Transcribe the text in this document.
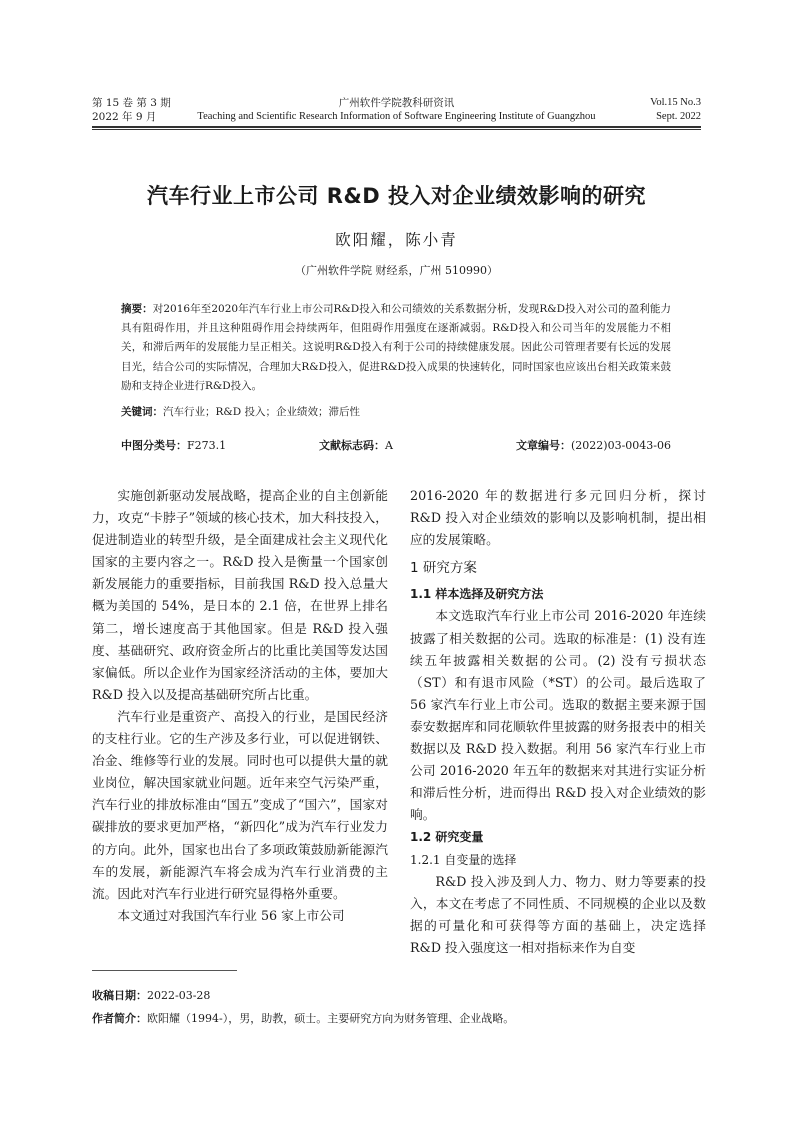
第 15 卷 第 3 期
2022 年 9 月
广州软件学院教科研资讯
Teaching and Scientific Research Information of Software Engineering Institute of Guangzhou
Vol.15 No.3
Sept. 2022
汽车行业上市公司 R&D 投入对企业绩效影响的研究
欧阳耀，陈小青
（广州软件学院 财经系，广州 510990）
摘要：对2016年至2020年汽车行业上市公司R&D投入和公司绩效的关系数据分析，发现R&D投入对公司的盈利能力具有阻碍作用，并且这种阻碍作用会持续两年，但阻碍作用强度在逐渐减弱。R&D投入和公司当年的发展能力不相关，和滞后两年的发展能力呈正相关。这说明R&D投入有利于公司的持续健康发展。因此公司管理者要有长远的发展目光，结合公司的实际情况，合理加大R&D投入，促进R&D投入成果的快速转化，同时国家也应该出台相关政策来鼓励和支持企业进行R&D投入。
关键词：汽车行业；R&D 投入；企业绩效；滞后性
中图分类号：F273.1	文献标志码：A	文章编号：(2022)03-0043-06

实施创新驱动发展战略，提高企业的自主创新能力，攻克“卡脖子”领域的核心技术，加大科技投入，促进制造业的转型升级，是全面建成社会主义现代化国家的主要内容之一。R&D 投入是衡量一个国家创新发展能力的重要指标，目前我国 R&D 投入总量大概为美国的 54%，是日本的 2.1 倍，在世界上排名第二，增长速度高于其他国家。但是 R&D 投入强度、基础研究、政府资金所占的比重比美国等发达国家偏低。所以企业作为国家经济活动的主体，要加大 R&D 投入以及提高基础研究所占比重。

汽车行业是重资产、高投入的行业，是国民经济的支柱行业。它的生产涉及多行业，可以促进钢铁、冶金、维修等行业的发展。同时也可以提供大量的就业岗位，解决国家就业问题。近年来空气污染严重，汽车行业的排放标准由“国五”变成了“国六”，国家对碳排放的要求更加严格，“新四化”成为汽车行业发力的方向。此外，国家也出台了多项政策鼓励新能源汽车的发展，新能源汽车将会成为汽车行业消费的主流。因此对汽车行业进行研究显得格外重要。

本文通过对我国汽车行业 56 家上市公司

2016-2020 年的数据进行多元回归分析，探讨 R&D 投入对企业绩效的影响以及影响机制，提出相应的发展策略。

1 研究方案
1.1 样本选择及研究方法

本文选取汽车行业上市公司 2016-2020 年连续披露了相关数据的公司。选取的标准是：(1) 没有连续五年披露相关数据的公司。(2) 没有亏损状态（ST）和有退市风险（*ST）的公司。最后选取了 56 家汽车行业上市公司。选取的数据主要来源于国泰安数据库和同花顺软件里披露的财务报表中的相关数据以及 R&D 投入数据。利用 56 家汽车行业上市公司 2016-2020 年五年的数据来对其进行实证分析和滞后性分析，进而得出 R&D 投入对企业绩效的影响。

1.2 研究变量
1.2.1 自变量的选择

R&D 投入涉及到人力、物力、财力等要素的投入，本文在考虑了不同性质、不同规模的企业以及数据的可量化和可获得等方面的基础上，决定选择 R&D 投入强度这一相对指标来作为自变

收稿日期：2022-03-28
作者简介：欧阳耀（1994-），男，助教，硕士。主要研究方向为财务管理、企业战略。
